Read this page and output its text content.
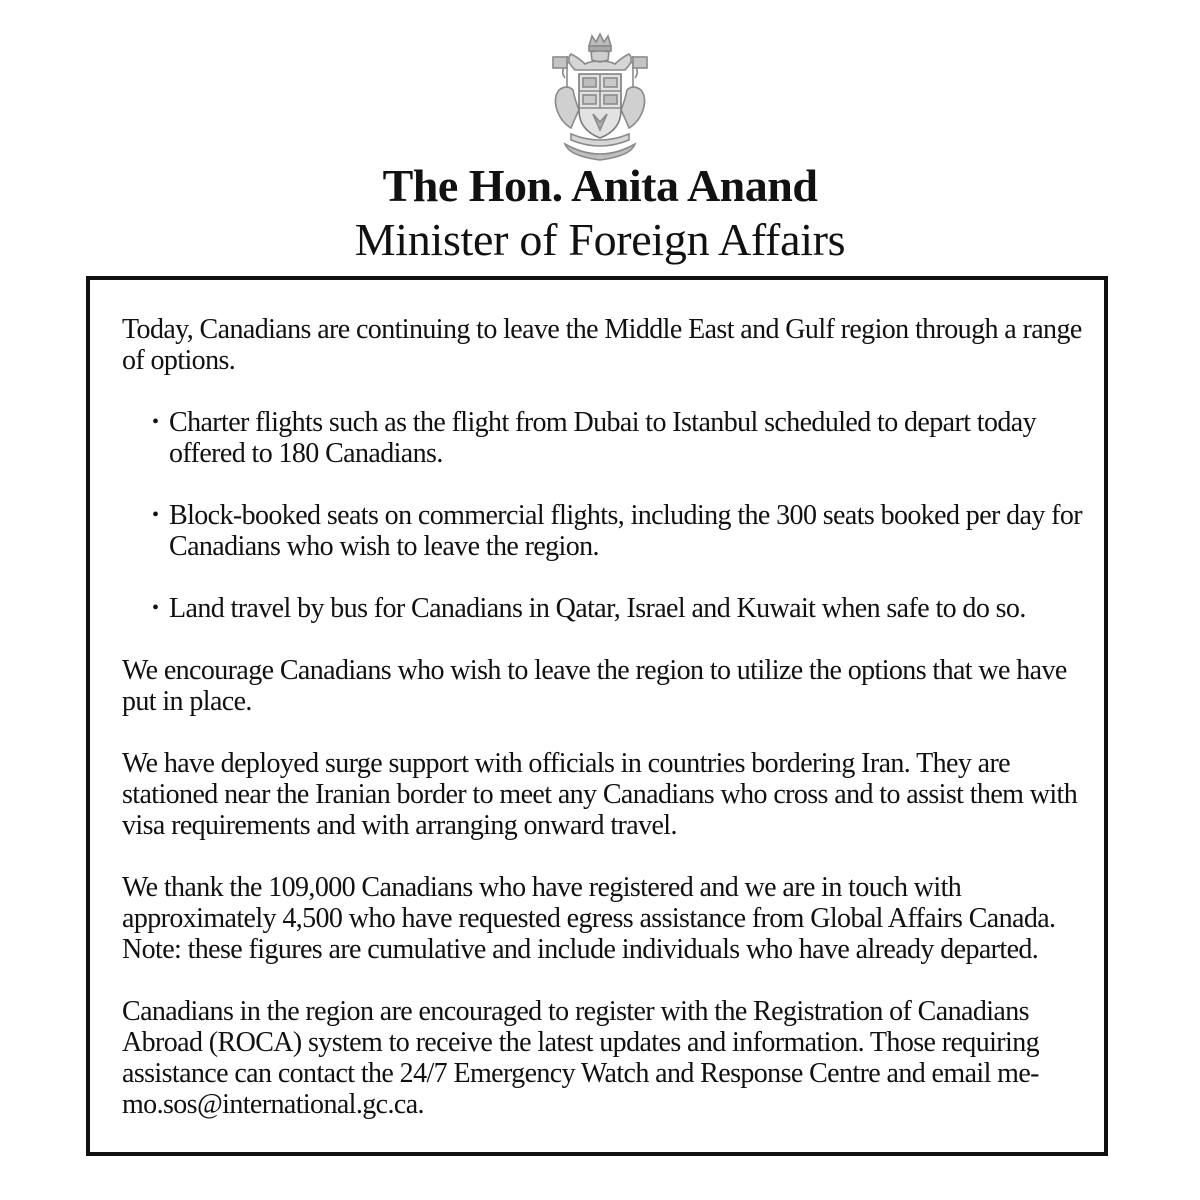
The Hon. Anita Anand
Minister of Foreign Affairs

Today, Canadians are continuing to leave the Middle East and Gulf region through a range of options.

• Charter flights such as the flight from Dubai to Istanbul scheduled to depart today offered to 180 Canadians.
• Block-booked seats on commercial flights, including the 300 seats booked per day for Canadians who wish to leave the region.
• Land travel by bus for Canadians in Qatar, Israel and Kuwait when safe to do so.

We encourage Canadians who wish to leave the region to utilize the options that we have put in place.

We have deployed surge support with officials in countries bordering Iran. They are stationed near the Iranian border to meet any Canadians who cross and to assist them with visa requirements and with arranging onward travel.

We thank the 109,000 Canadians who have registered and we are in touch with approximately 4,500 who have requested egress assistance from Global Affairs Canada. Note: these figures are cumulative and include individuals who have already departed.

Canadians in the region are encouraged to register with the Registration of Canadians Abroad (ROCA) system to receive the latest updates and information. Those requiring assistance can contact the 24/7 Emergency Watch and Response Centre and email me-mo.sos@international.gc.ca.
